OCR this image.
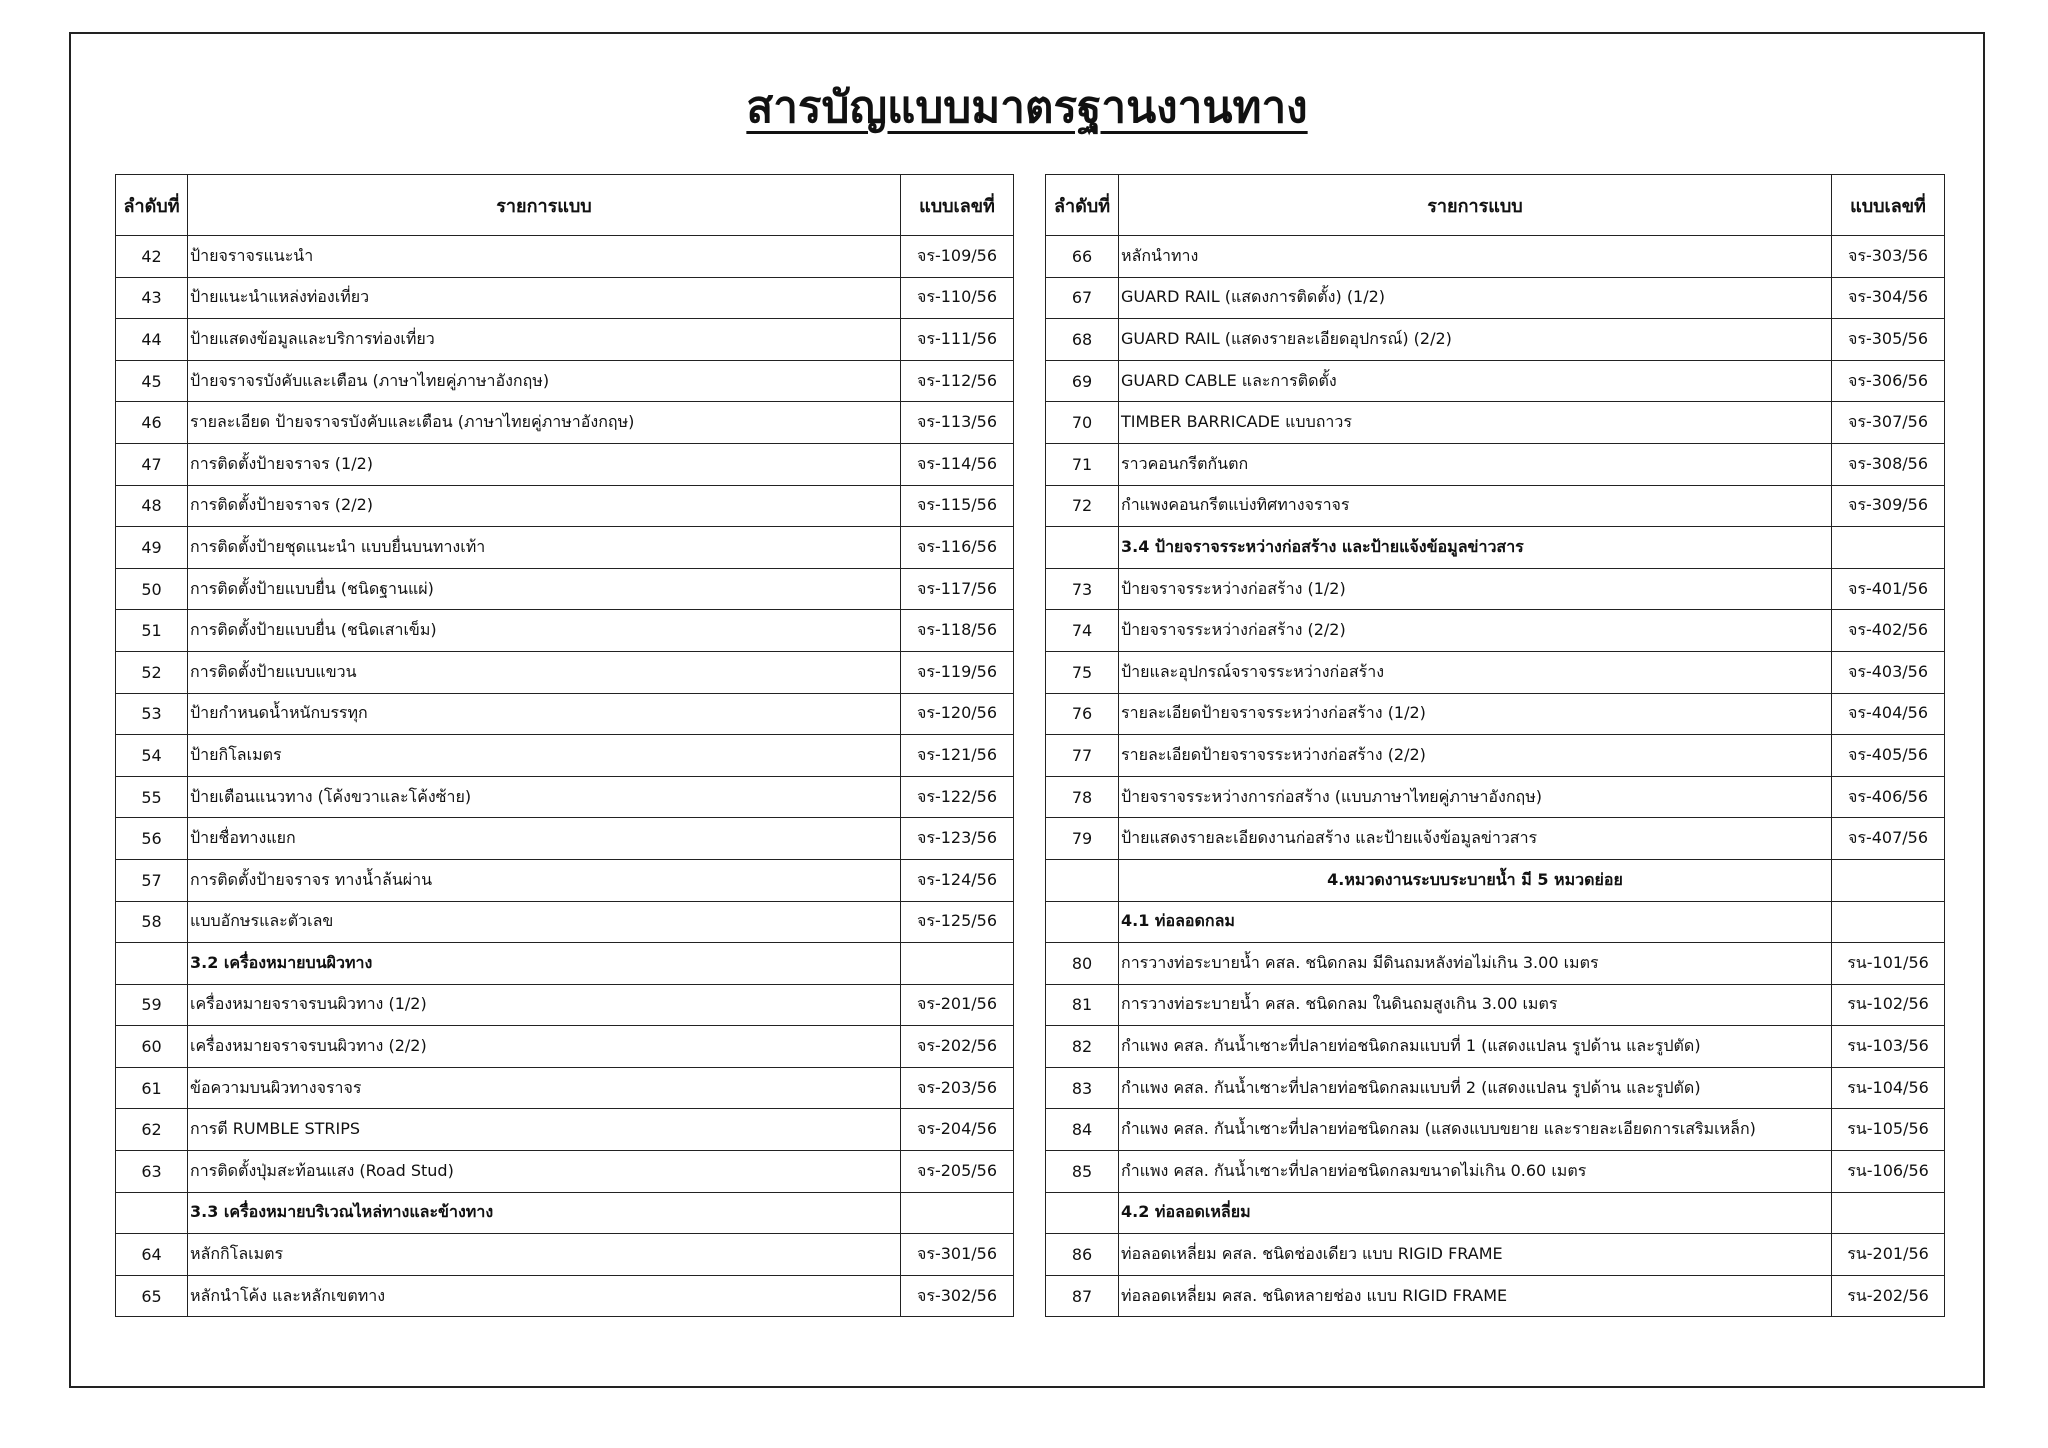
สารบัญแบบมาตรฐานงานทาง
ลำดับที่	รายการแบบ	แบบเลขที่
42	ป้ายจราจรแนะนำ	จร-109/56
43	ป้ายแนะนำแหล่งท่องเที่ยว	จร-110/56
44	ป้ายแสดงข้อมูลและบริการท่องเที่ยว	จร-111/56
45	ป้ายจราจรบังคับและเตือน (ภาษาไทยคู่ภาษาอังกฤษ)	จร-112/56
46	รายละเอียด ป้ายจราจรบังคับและเตือน (ภาษาไทยคู่ภาษาอังกฤษ)	จร-113/56
47	การติดตั้งป้ายจราจร (1/2)	จร-114/56
48	การติดตั้งป้ายจราจร (2/2)	จร-115/56
49	การติดตั้งป้ายชุดแนะนำ แบบยื่นบนทางเท้า	จร-116/56
50	การติดตั้งป้ายแบบยื่น (ชนิดฐานแผ่)	จร-117/56
51	การติดตั้งป้ายแบบยื่น (ชนิดเสาเข็ม)	จร-118/56
52	การติดตั้งป้ายแบบแขวน	จร-119/56
53	ป้ายกำหนดน้ำหนักบรรทุก	จร-120/56
54	ป้ายกิโลเมตร	จร-121/56
55	ป้ายเตือนแนวทาง (โค้งขวาและโค้งซ้าย)	จร-122/56
56	ป้ายชื่อทางแยก	จร-123/56
57	การติดตั้งป้ายจราจร ทางน้ำล้นผ่าน	จร-124/56
58	แบบอักษรและตัวเลข	จร-125/56
	3.2 เครื่องหมายบนผิวทาง	
59	เครื่องหมายจราจรบนผิวทาง (1/2)	จร-201/56
60	เครื่องหมายจราจรบนผิวทาง (2/2)	จร-202/56
61	ข้อความบนผิวทางจราจร	จร-203/56
62	การตี RUMBLE STRIPS	จร-204/56
63	การติดตั้งปุ่มสะท้อนแสง (Road Stud)	จร-205/56
	3.3 เครื่องหมายบริเวณไหล่ทางและข้างทาง	
64	หลักกิโลเมตร	จร-301/56
65	หลักนำโค้ง และหลักเขตทาง	จร-302/56
ลำดับที่	รายการแบบ	แบบเลขที่
66	หลักนำทาง	จร-303/56
67	GUARD RAIL (แสดงการติดตั้ง) (1/2)	จร-304/56
68	GUARD RAIL (แสดงรายละเอียดอุปกรณ์) (2/2)	จร-305/56
69	GUARD CABLE และการติดตั้ง	จร-306/56
70	TIMBER BARRICADE แบบถาวร	จร-307/56
71	ราวคอนกรีตกันตก	จร-308/56
72	กำแพงคอนกรีตแบ่งทิศทางจราจร	จร-309/56
	3.4 ป้ายจราจรระหว่างก่อสร้าง และป้ายแจ้งข้อมูลข่าวสาร	
73	ป้ายจราจรระหว่างก่อสร้าง (1/2)	จร-401/56
74	ป้ายจราจรระหว่างก่อสร้าง (2/2)	จร-402/56
75	ป้ายและอุปกรณ์จราจรระหว่างก่อสร้าง	จร-403/56
76	รายละเอียดป้ายจราจรระหว่างก่อสร้าง (1/2)	จร-404/56
77	รายละเอียดป้ายจราจรระหว่างก่อสร้าง (2/2)	จร-405/56
78	ป้ายจราจรระหว่างการก่อสร้าง (แบบภาษาไทยคู่ภาษาอังกฤษ)	จร-406/56
79	ป้ายแสดงรายละเอียดงานก่อสร้าง และป้ายแจ้งข้อมูลข่าวสาร	จร-407/56
	4.หมวดงานระบบระบายน้ำ มี 5 หมวดย่อย	
	4.1 ท่อลอดกลม	
80	การวางท่อระบายน้ำ คสล. ชนิดกลม มีดินถมหลังท่อไม่เกิน 3.00 เมตร	รน-101/56
81	การวางท่อระบายน้ำ คสล. ชนิดกลม ในดินถมสูงเกิน 3.00 เมตร	รน-102/56
82	กำแพง คสล. กันน้ำเซาะที่ปลายท่อชนิดกลมแบบที่ 1 (แสดงแปลน รูปด้าน และรูปตัด)	รน-103/56
83	กำแพง คสล. กันน้ำเซาะที่ปลายท่อชนิดกลมแบบที่ 2 (แสดงแปลน รูปด้าน และรูปตัด)	รน-104/56
84	กำแพง คสล. กันน้ำเซาะที่ปลายท่อชนิดกลม (แสดงแบบขยาย และรายละเอียดการเสริมเหล็ก)	รน-105/56
85	กำแพง คสล. กันน้ำเซาะที่ปลายท่อชนิดกลมขนาดไม่เกิน 0.60 เมตร	รน-106/56
	4.2 ท่อลอดเหลี่ยม	
86	ท่อลอดเหลี่ยม คสล. ชนิดช่องเดียว แบบ RIGID FRAME	รน-201/56
87	ท่อลอดเหลี่ยม คสล. ชนิดหลายช่อง แบบ RIGID FRAME	รน-202/56
